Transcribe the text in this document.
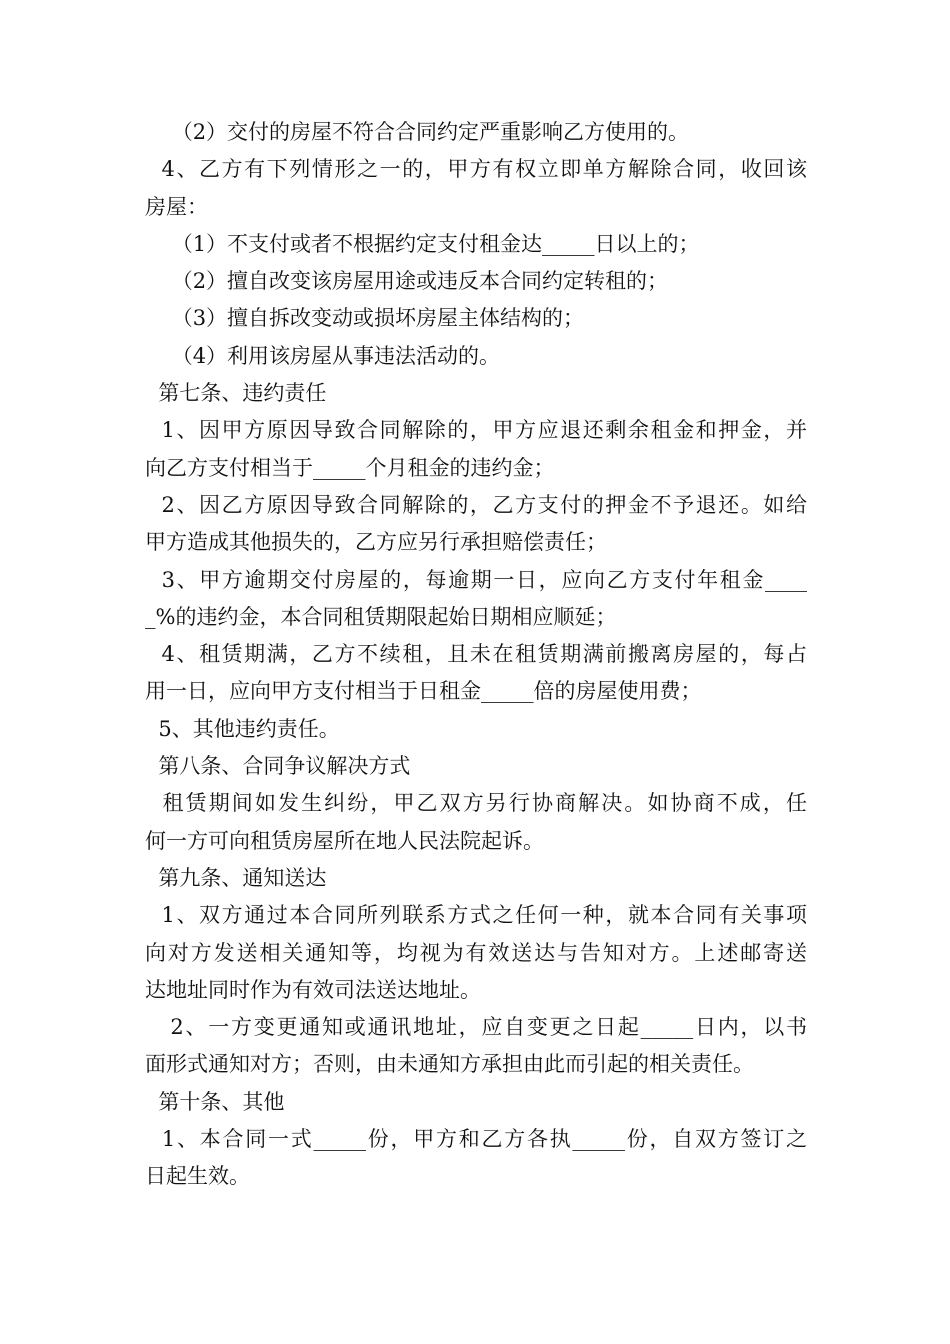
（2）交付的房屋不符合合同约定严重影响乙方使用的。
4、乙方有下列情形之一的，甲方有权立即单方解除合同，收回该
房屋：
（1）不支付或者不根据约定支付租金达_____日以上的；
（2）擅自改变该房屋用途或违反本合同约定转租的；
（3）擅自拆改变动或损坏房屋主体结构的；
（4）利用该房屋从事违法活动的。
第七条、违约责任
1、因甲方原因导致合同解除的，甲方应退还剩余租金和押金，并
向乙方支付相当于_____个月租金的违约金；
2、因乙方原因导致合同解除的，乙方支付的押金不予退还。如给
甲方造成其他损失的，乙方应另行承担赔偿责任；
3、甲方逾期交付房屋的，每逾期一日，应向乙方支付年租金____
_%的违约金，本合同租赁期限起始日期相应顺延；
4、租赁期满，乙方不续租，且未在租赁期满前搬离房屋的，每占
用一日，应向甲方支付相当于日租金_____倍的房屋使用费；
5、其他违约责任。
第八条、合同争议解决方式
租赁期间如发生纠纷，甲乙双方另行协商解决。如协商不成，任
何一方可向租赁房屋所在地人民法院起诉。
第九条、通知送达
1、双方通过本合同所列联系方式之任何一种，就本合同有关事项
向对方发送相关通知等，均视为有效送达与告知对方。上述邮寄送
达地址同时作为有效司法送达地址。
2、一方变更通知或通讯地址，应自变更之日起_____日内，以书
面形式通知对方；否则，由未通知方承担由此而引起的相关责任。
第十条、其他
1、本合同一式_____份，甲方和乙方各执_____份，自双方签订之
日起生效。
